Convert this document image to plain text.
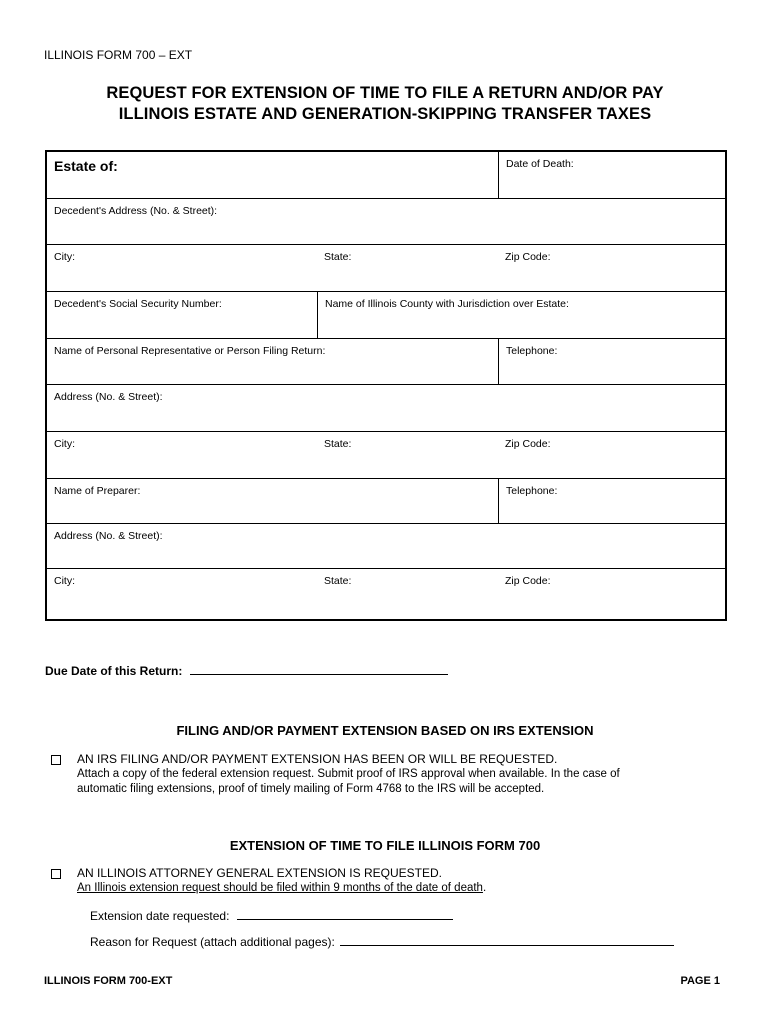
ILLINOIS FORM 700 – EXT
REQUEST FOR EXTENSION OF TIME TO FILE A RETURN AND/OR PAY
ILLINOIS ESTATE AND GENERATION-SKIPPING TRANSFER TAXES
Estate of:	Date of Death:
Decedent's Address (No. & Street):
City:	State:	Zip Code:
Decedent's Social Security Number:	Name of Illinois County with Jurisdiction over Estate:
Name of Personal Representative or Person Filing Return:	Telephone:
Address (No. & Street):
City:	State:	Zip Code:
Name of Preparer:	Telephone:
Address (No. & Street):
City:	State:	Zip Code:
Due Date of this Return:
FILING AND/OR PAYMENT EXTENSION BASED ON IRS EXTENSION
AN IRS FILING AND/OR PAYMENT EXTENSION HAS BEEN OR WILL BE REQUESTED.
Attach a copy of the federal extension request. Submit proof of IRS approval when available. In the case of
automatic filing extensions, proof of timely mailing of Form 4768 to the IRS will be accepted.
EXTENSION OF TIME TO FILE ILLINOIS FORM 700
AN ILLINOIS ATTORNEY GENERAL EXTENSION IS REQUESTED.
An Illinois extension request should be filed within 9 months of the date of death.
Extension date requested:
Reason for Request (attach additional pages):
ILLINOIS FORM 700-EXT	PAGE 1
